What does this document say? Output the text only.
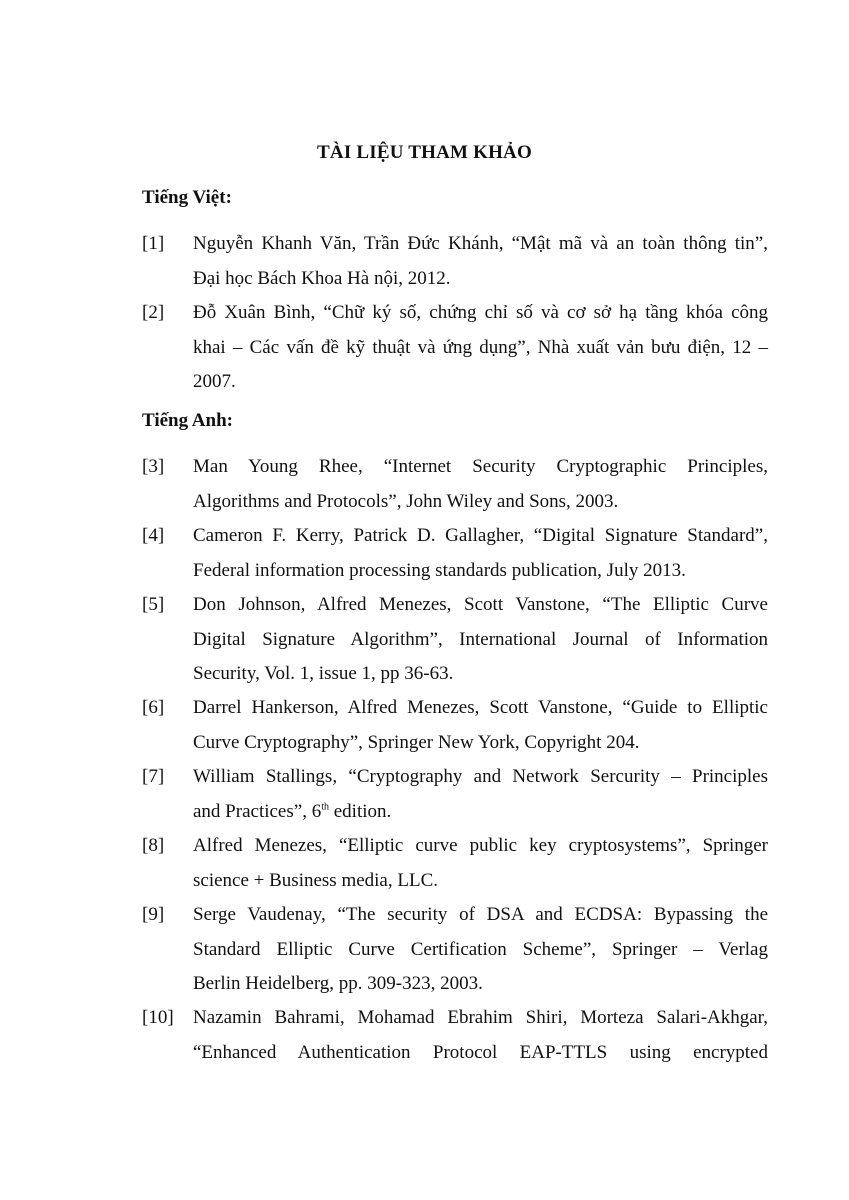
TÀI LIỆU THAM KHẢO
Tiếng Việt:
[1]	Nguyễn Khanh Văn, Trần Đức Khánh, “Mật mã và an toàn thông tin”,
Đại học Bách Khoa Hà nội, 2012.
[2]	Đỗ Xuân Bình, “Chữ ký số, chứng chỉ số và cơ sở hạ tầng khóa công
khai – Các vấn đề kỹ thuật và ứng dụng”, Nhà xuất vản bưu điện, 12 –
2007.
Tiếng Anh:
[3]	Man Young Rhee, “Internet Security Cryptographic Principles,
Algorithms and Protocols”, John Wiley and Sons, 2003.
[4]	Cameron F. Kerry, Patrick D. Gallagher, “Digital Signature Standard”,
Federal information processing standards publication, July 2013.
[5]	Don Johnson, Alfred Menezes, Scott Vanstone, “The Elliptic Curve
Digital Signature Algorithm”, International Journal of Information
Security, Vol. 1, issue 1, pp 36-63.
[6]	Darrel Hankerson, Alfred Menezes, Scott Vanstone, “Guide to Elliptic
Curve Cryptography”, Springer New York, Copyright 204.
[7]	William Stallings, “Cryptography and Network Sercurity – Principles
and Practices”, 6th edition.
[8]	Alfred Menezes, “Elliptic curve public key cryptosystems”, Springer
science + Business media, LLC.
[9]	Serge Vaudenay, “The security of DSA and ECDSA: Bypassing the
Standard Elliptic Curve Certification Scheme”, Springer – Verlag
Berlin Heidelberg, pp. 309-323, 2003.
[10]	Nazamin Bahrami, Mohamad Ebrahim Shiri, Morteza Salari-Akhgar,
“Enhanced Authentication Protocol EAP-TTLS using encrypted
